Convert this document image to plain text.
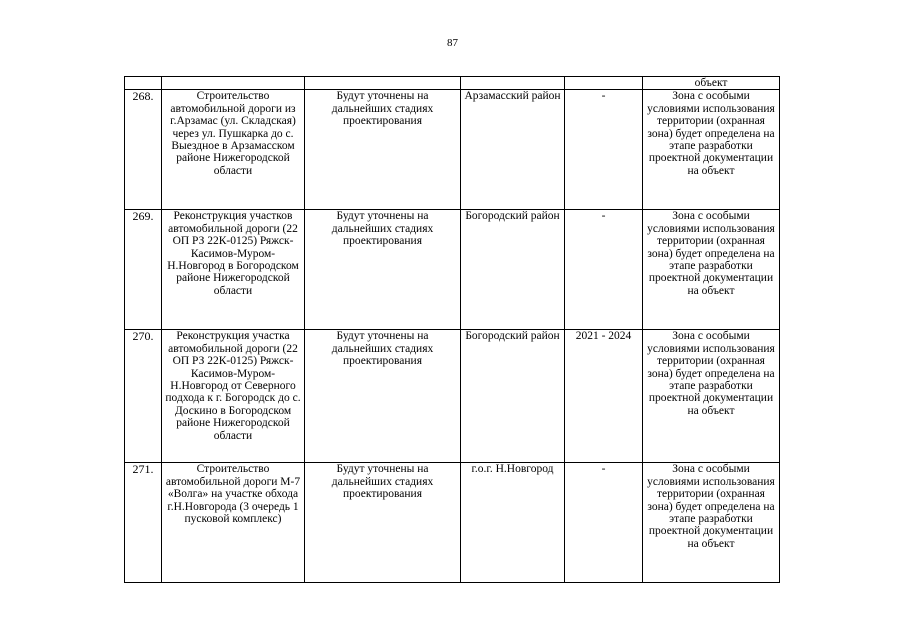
87
					объект
268.	Строительство автомобильной дороги из г.Арзамас (ул. Складская) через ул. Пушкарка до с. Выездное в Арзамасском районе Нижегородской области	Будут уточнены на дальнейших стадиях проектирования	Арзамасский район	-	Зона с особыми условиями использования территории (охранная зона) будет определена на этапе разработки проектной документации на объект
269.	Реконструкция участков автомобильной дороги (22 ОП РЗ 22К-0125) Ряжск-Касимов-Муром-Н.Новгород в Богородском районе Нижегородской области	Будут уточнены на дальнейших стадиях проектирования	Богородский район	-	Зона с особыми условиями использования территории (охранная зона) будет определена на этапе разработки проектной документации на объект
270.	Реконструкция участка автомобильной дороги (22 ОП РЗ 22К-0125) Ряжск-Касимов-Муром-Н.Новгород от Северного подхода к г. Богородск до с. Доскино в Богородском районе Нижегородской области	Будут уточнены на дальнейших стадиях проектирования	Богородский район	2021 - 2024	Зона с особыми условиями использования территории (охранная зона) будет определена на этапе разработки проектной документации на объект
271.	Строительство автомобильной дороги М-7 «Волга» на участке обхода г.Н.Новгорода (3 очередь 1 пусковой комплекс)	Будут уточнены на дальнейших стадиях проектирования	г.о.г. Н.Новгород	-	Зона с особыми условиями использования территории (охранная зона) будет определена на этапе разработки проектной документации на объект
